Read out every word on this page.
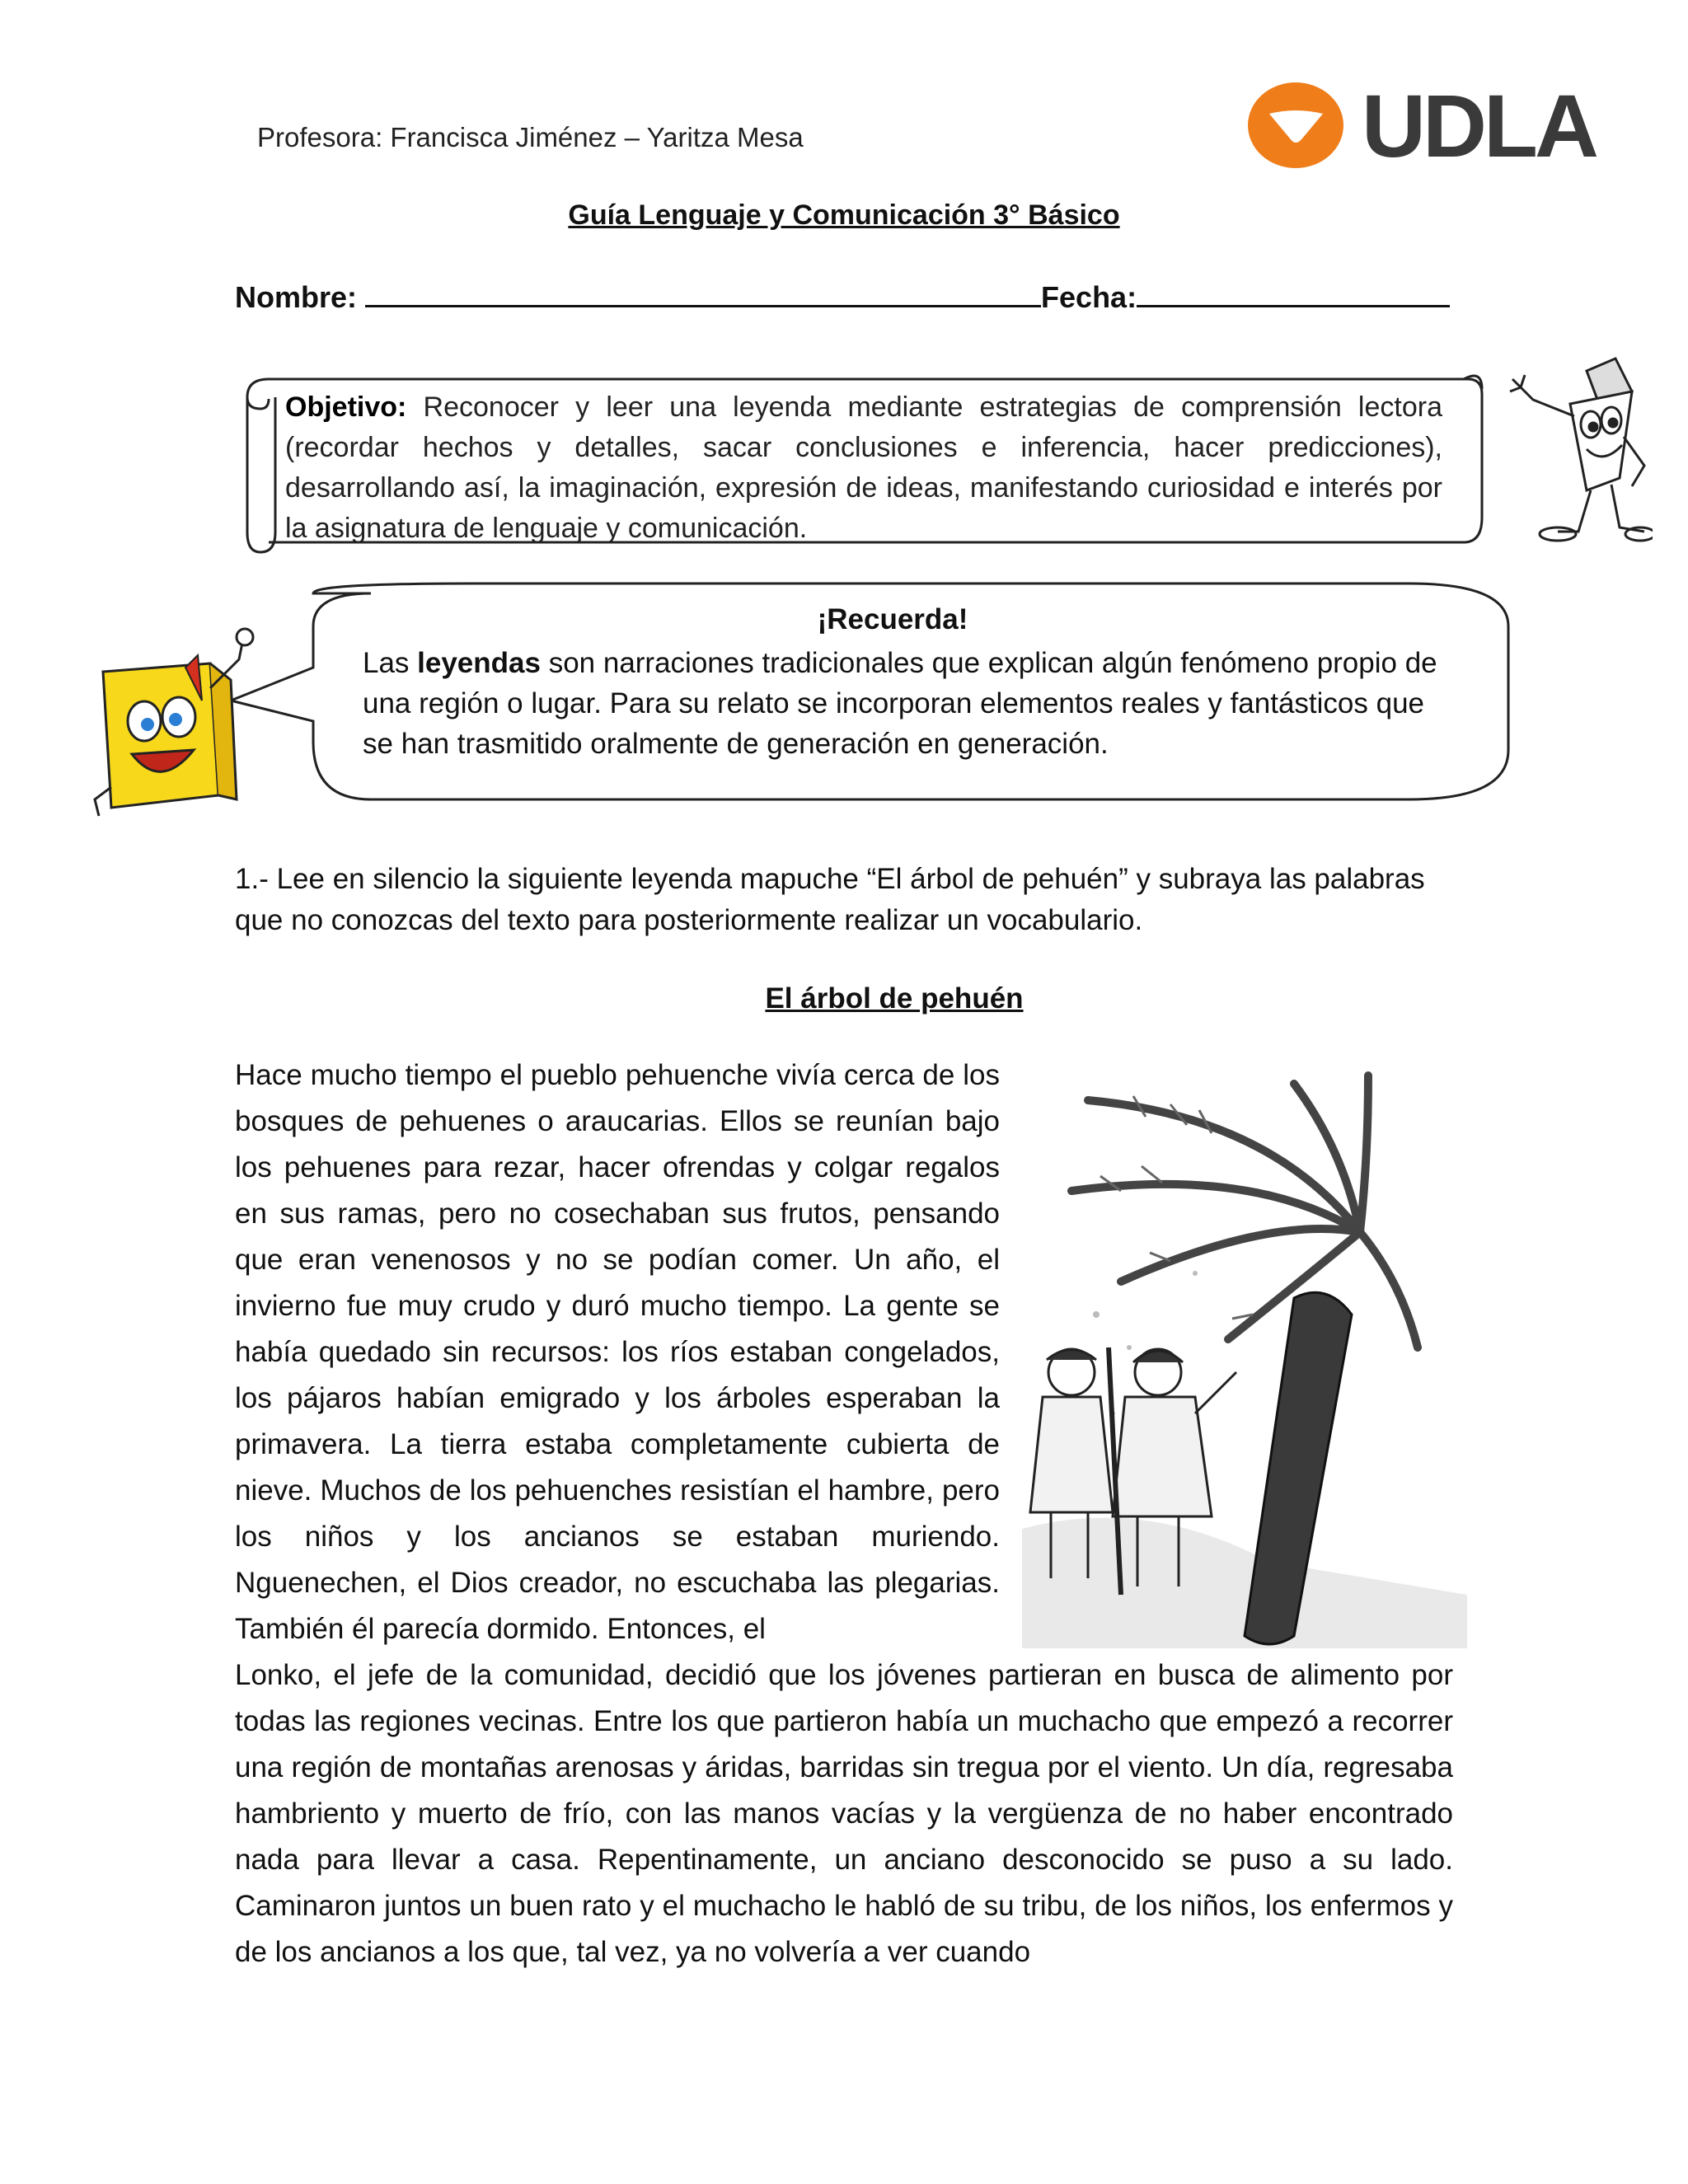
Profesora: Francisca Jiménez – Yaritza Mesa	UDLA
Guía Lenguaje y Comunicación 3° Básico
Nombre:	Fecha:
Objetivo: Reconocer y leer una leyenda mediante estrategias de comprensión lectora (recordar hechos y detalles, sacar conclusiones e inferencia, hacer predicciones), desarrollando así, la imaginación, expresión de ideas, manifestando curiosidad e interés por la asignatura de lenguaje y comunicación.
¡Recuerda!
Las leyendas son narraciones tradicionales que explican algún fenómeno propio de una región o lugar. Para su relato se incorporan elementos reales y fantásticos que se han trasmitido oralmente de generación en generación.
1.- Lee en silencio la siguiente leyenda mapuche “El árbol de pehuén” y subraya las palabras que no conozcas del texto para posteriormente realizar un vocabulario.
El árbol de pehuén
Hace mucho tiempo el pueblo pehuenche vivía cerca de los bosques de pehuenes o araucarias. Ellos se reunían bajo los pehuenes para rezar, hacer ofrendas y colgar regalos en sus ramas, pero no cosechaban sus frutos, pensando que eran venenosos y no se podían comer. Un año, el invierno fue muy crudo y duró mucho tiempo. La gente se había quedado sin recursos: los ríos estaban congelados, los pájaros habían emigrado y los árboles esperaban la primavera. La tierra estaba completamente cubierta de nieve. Muchos de los pehuenches resistían el hambre, pero los niños y los ancianos se estaban muriendo. Nguenechen, el Dios creador, no escuchaba las plegarias. También él parecía dormido. Entonces, el
Lonko, el jefe de la comunidad, decidió que los jóvenes partieran en busca de alimento por todas las regiones vecinas. Entre los que partieron había un muchacho que empezó a recorrer una región de montañas arenosas y áridas, barridas sin tregua por el viento. Un día, regresaba hambriento y muerto de frío, con las manos vacías y la vergüenza de no haber encontrado nada para llevar a casa. Repentinamente, un anciano desconocido se puso a su lado. Caminaron juntos un buen rato y el muchacho le habló de su tribu, de los niños, los enfermos y de los ancianos a los que, tal vez, ya no volvería a ver cuando
